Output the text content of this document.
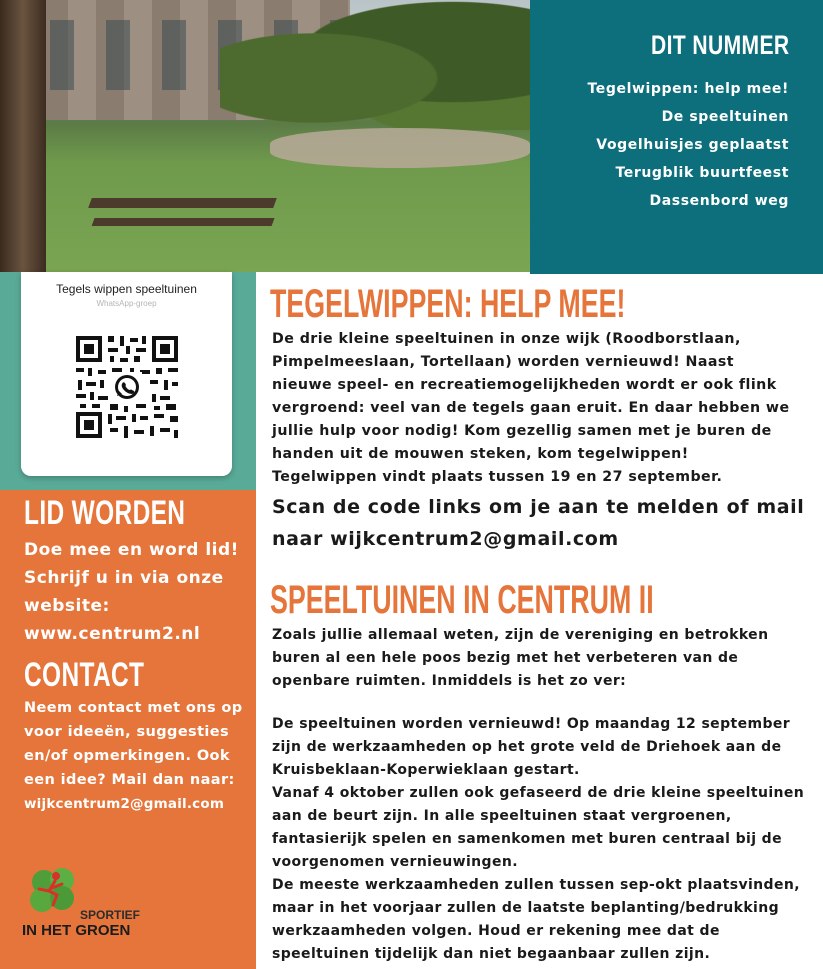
DIT NUMMER
Tegelwippen: help mee!
De speeltuinen
Vogelhuisjes geplaatst
Terugblik buurtfeest
Dassenbord weg
Tegels wippen speeltuinen
WhatsApp-groep
LID WORDEN
Doe mee en word lid! Schrijf u in via onze website: www.centrum2.nl
CONTACT
Neem contact met ons op voor ideeën, suggesties en/of opmerkingen. Ook een idee? Mail dan naar:
wijkcentrum2@gmail.com
SPORTIEF
IN HET GROEN
TEGELWIPPEN: HELP MEE!
De drie kleine speeltuinen in onze wijk (Roodborstlaan, Pimpelmeeslaan, Tortellaan) worden vernieuwd! Naast nieuwe speel- en recreatiemogelijkheden wordt er ook flink vergroend: veel van de tegels gaan eruit. En daar hebben we jullie hulp voor nodig! Kom gezellig samen met je buren de handen uit de mouwen steken, kom tegelwippen! Tegelwippen vindt plaats tussen 19 en 27 september.
Scan de code links om je aan te melden of mail naar wijkcentrum2@gmail.com
SPEELTUINEN IN CENTRUM II
Zoals jullie allemaal weten, zijn de vereniging en betrokken buren al een hele poos bezig met het verbeteren van de openbare ruimten. Inmiddels is het zo ver:
De speeltuinen worden vernieuwd! Op maandag 12 september zijn de werkzaamheden op het grote veld de Driehoek aan de Kruisbeklaan-Koperwieklaan gestart.
Vanaf 4 oktober zullen ook gefaseerd de drie kleine speeltuinen aan de beurt zijn. In alle speeltuinen staat vergroenen, fantasierijk spelen en samenkomen met buren centraal bij de voorgenomen vernieuwingen.
De meeste werkzaamheden zullen tussen sep-okt plaatsvinden, maar in het voorjaar zullen de laatste beplanting/bedrukking werkzaamheden volgen. Houd er rekening mee dat de speeltuinen tijdelijk dan niet begaanbaar zullen zijn.
